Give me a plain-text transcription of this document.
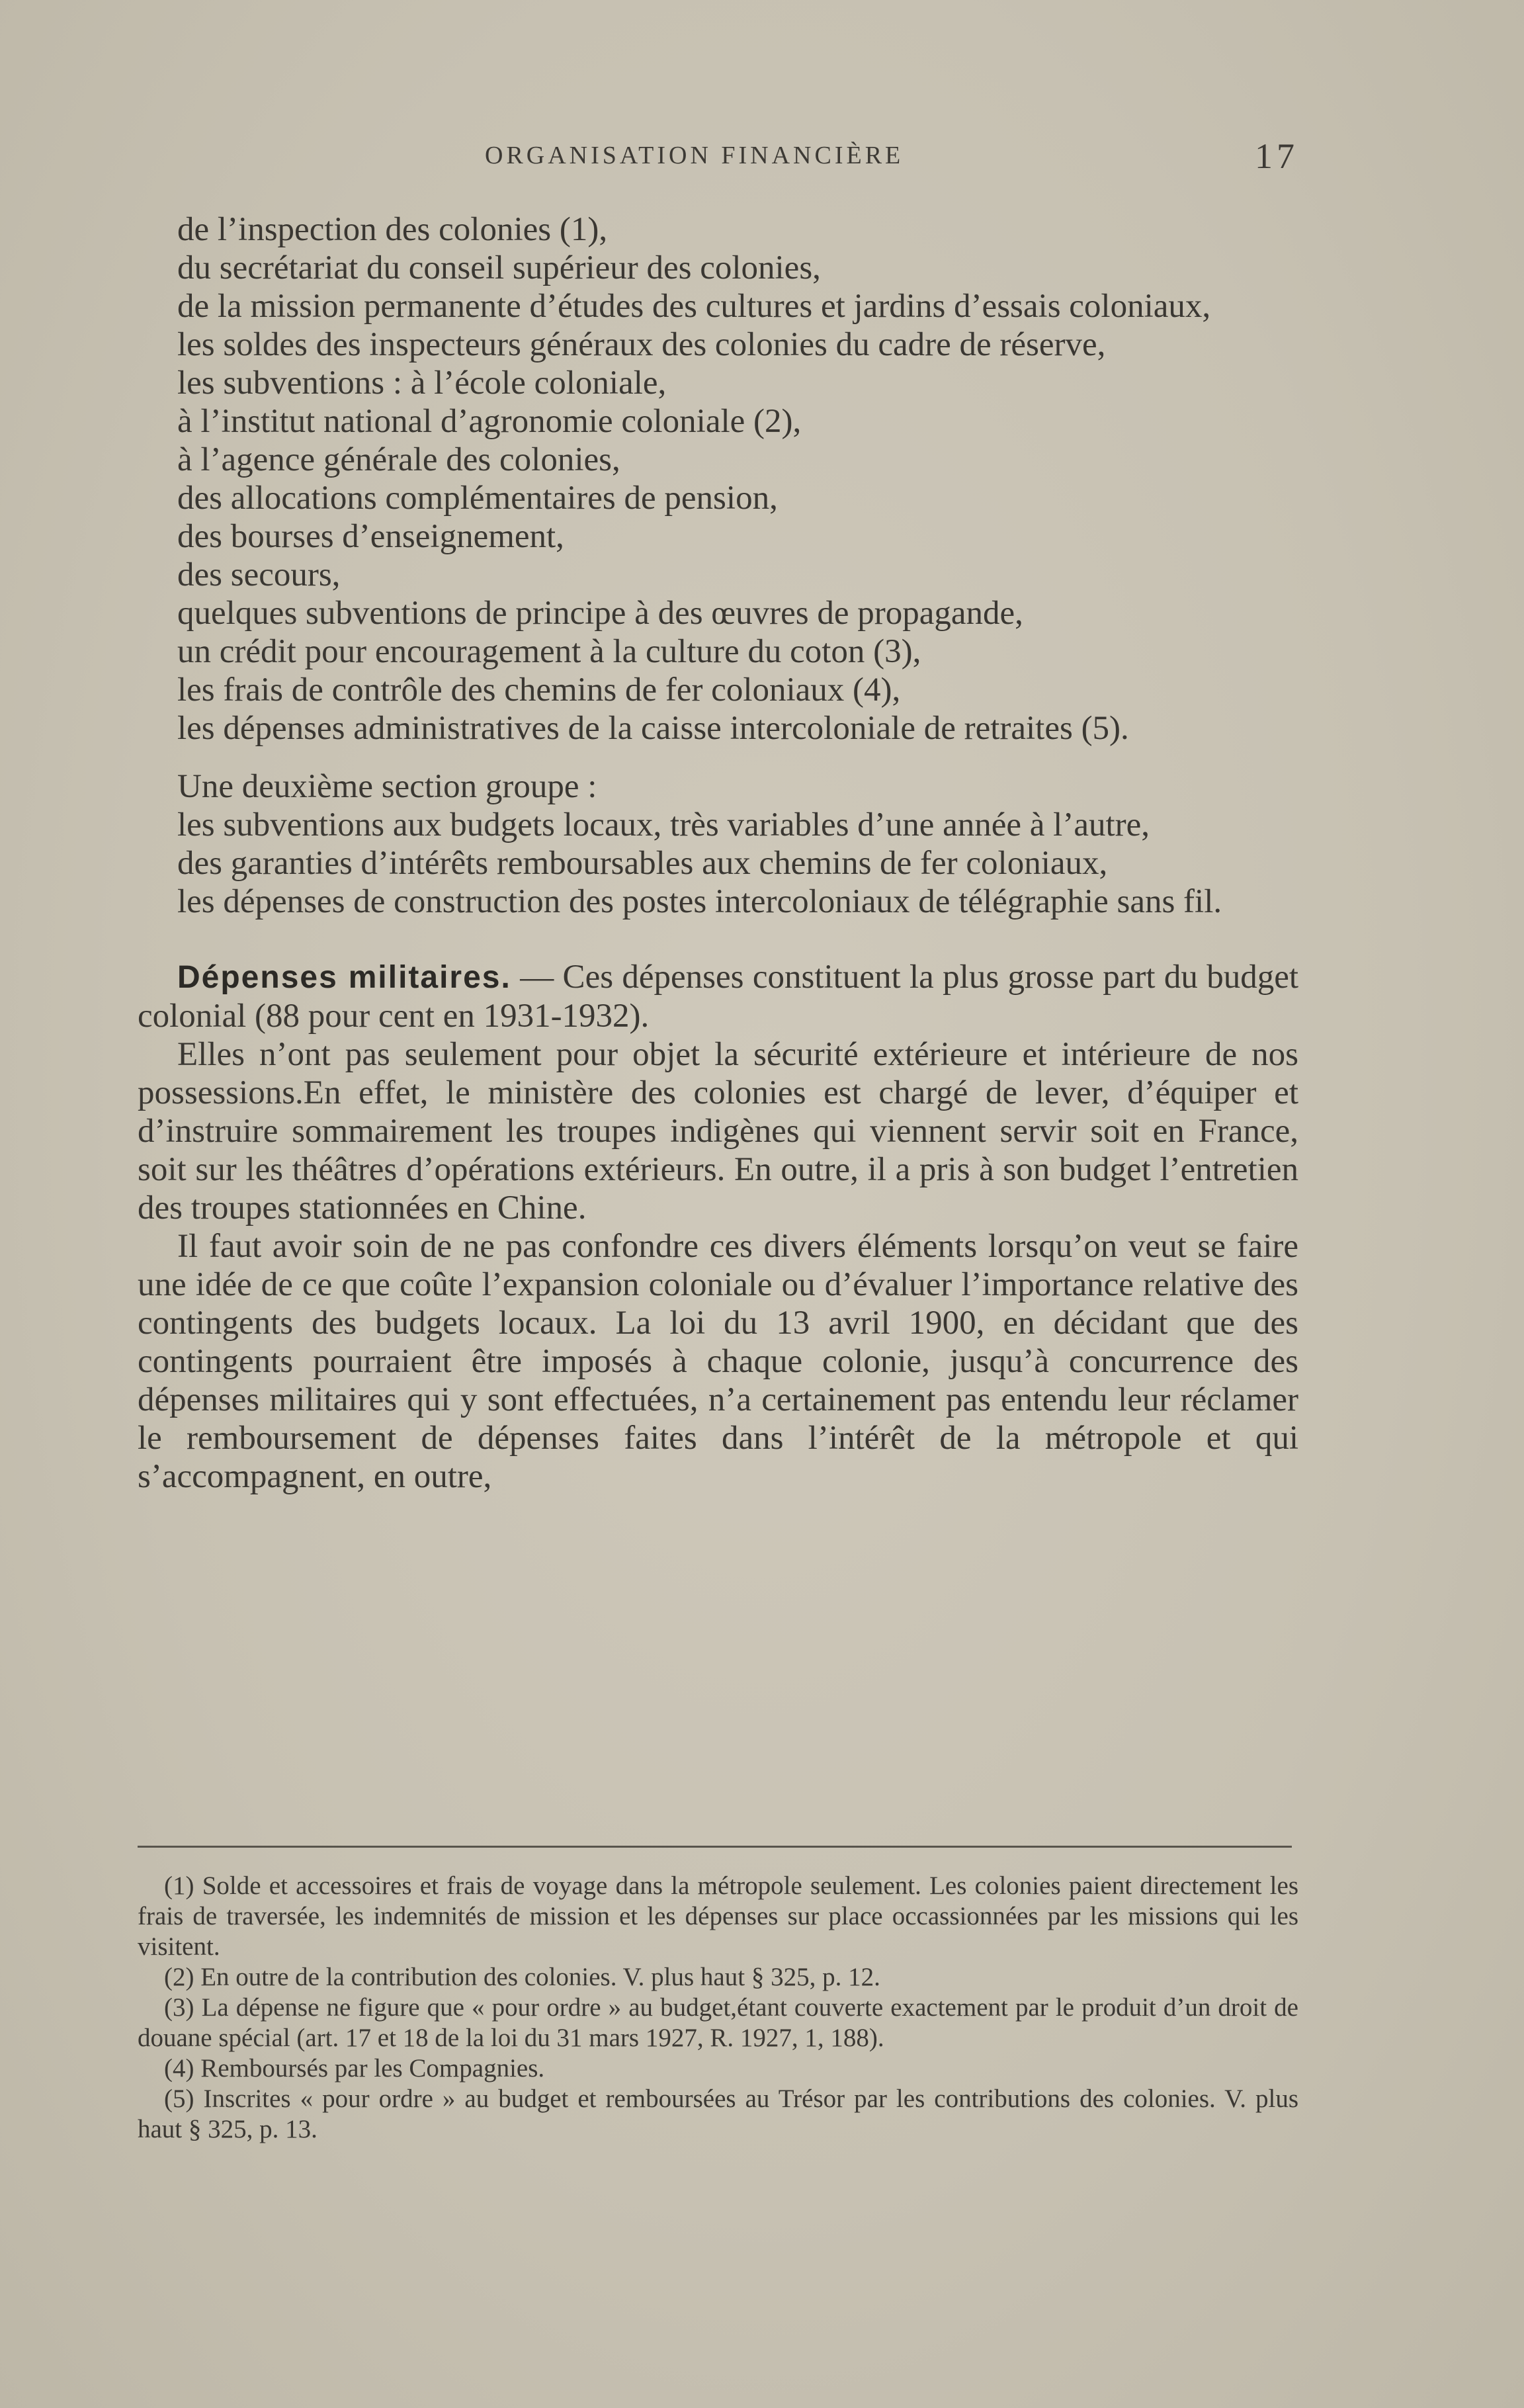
ORGANISATION FINANCIÈRE	17

de l’inspection des colonies (1),

du secrétariat du conseil supérieur des colonies,

de la mission permanente d’études des cultures et jardins d’essais coloniaux,

les soldes des inspecteurs généraux des colonies du cadre de réserve,

les subventions : à l’école coloniale,

à l’institut national d’agronomie coloniale (2),

à l’agence générale des colonies,

des allocations complémentaires de pension,

des bourses d’enseignement,

des secours,

quelques subventions de principe à des œuvres de propagande,

un crédit pour encouragement à la culture du coton (3),

les frais de contrôle des chemins de fer coloniaux (4),

les dépenses administratives de la caisse intercoloniale de retraites (5).

Une deuxième section groupe :

les subventions aux budgets locaux, très variables d’une année à l’autre,

des garanties d’intérêts remboursables aux chemins de fer coloniaux,

les dépenses de construction des postes intercoloniaux de télégraphie sans fil.

Dépenses militaires. — Ces dépenses constituent la plus grosse part du budget colonial (88 pour cent en 1931-1932).

Elles n’ont pas seulement pour objet la sécurité extérieure et intérieure de nos possessions.En effet, le ministère des colonies est chargé de lever, d’équiper et d’instruire sommairement les troupes indigènes qui viennent servir soit en France, soit sur les théâtres d’opérations extérieurs. En outre, il a pris à son budget l’entretien des troupes stationnées en Chine.

Il faut avoir soin de ne pas confondre ces divers éléments lorsqu’on veut se faire une idée de ce que coûte l’expansion coloniale ou d’évaluer l’importance relative des contingents des budgets locaux. La loi du 13 avril 1900, en décidant que des contingents pourraient être imposés à chaque colonie, jusqu’à concurrence des dépenses militaires qui y sont effectuées, n’a certainement pas entendu leur réclamer le remboursement de dépenses faites dans l’intérêt de la métropole et qui s’accompagnent, en outre,

(1) Solde et accessoires et frais de voyage dans la métropole seulement. Les colonies paient directement les frais de traversée, les indemnités de mission et les dépenses sur place occassionnées par les missions qui les visitent.

(2) En outre de la contribution des colonies. V. plus haut § 325, p. 12.

(3) La dépense ne figure que « pour ordre » au budget,étant couverte exactement par le produit d’un droit de douane spécial (art. 17 et 18 de la loi du 31 mars 1927, R. 1927, 1, 188).

(4) Remboursés par les Compagnies.

(5) Inscrites « pour ordre » au budget et remboursées au Trésor par les contributions des colonies. V. plus haut § 325, p. 13.
